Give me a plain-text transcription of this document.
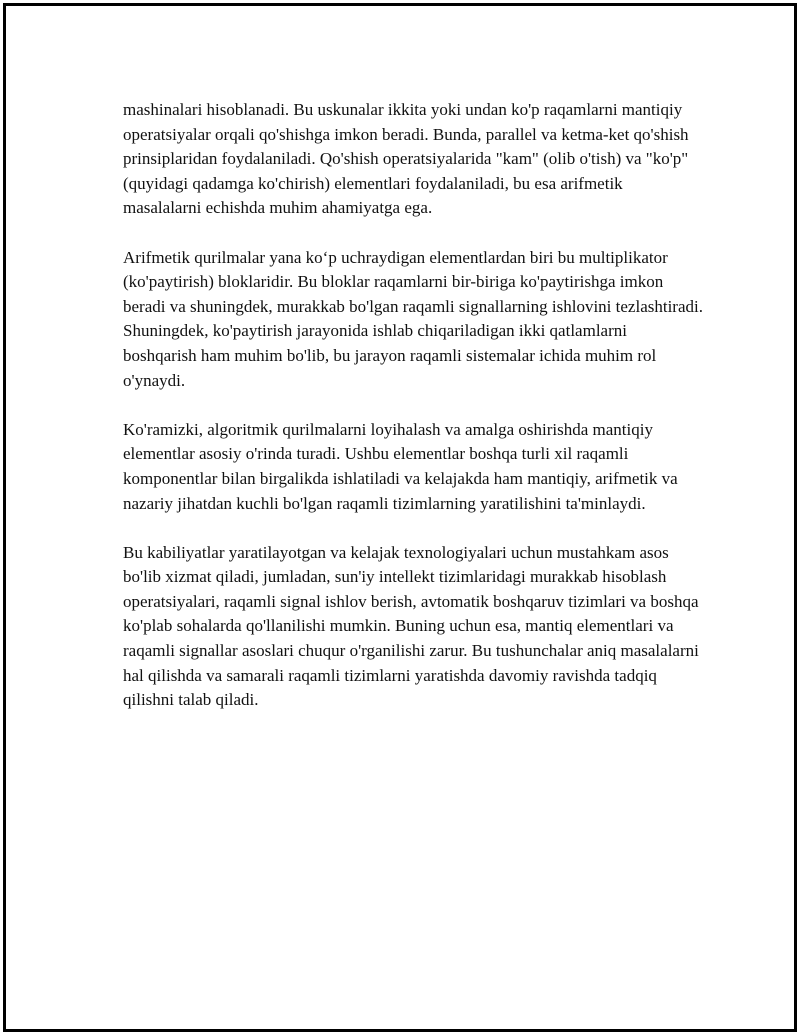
mashinalari hisoblanadi. Bu uskunalar ikkita yoki undan ko'p raqamlarni mantiqiy operatsiyalar orqali qo'shishga imkon beradi. Bunda, parallel va ketma-ket qo'shish prinsiplaridan foydalaniladi. Qo'shish operatsiyalarida "kam" (olib o'tish) va "ko'p" (quyidagi qadamga ko'chirish) elementlari foydalaniladi, bu esa arifmetik masalalarni echishda muhim ahamiyatga ega.

Arifmetik qurilmalar yana ko‘p uchraydigan elementlardan biri bu multiplikator (ko'paytirish) bloklaridir. Bu bloklar raqamlarni bir-biriga ko'paytirishga imkon beradi va shuningdek, murakkab bo'lgan raqamli signallarning ishlovini tezlashtiradi. Shuningdek, ko'paytirish jarayonida ishlab chiqariladigan ikki qatlamlarni boshqarish ham muhim bo'lib, bu jarayon raqamli sistemalar ichida muhim rol o'ynaydi.

Ko'ramizki, algoritmik qurilmalarni loyihalash va amalga oshirishda mantiqiy elementlar asosiy o'rinda turadi. Ushbu elementlar boshqa turli xil raqamli komponentlar bilan birgalikda ishlatiladi va kelajakda ham mantiqiy, arifmetik va nazariy jihatdan kuchli bo'lgan raqamli tizimlarning yaratilishini ta'minlaydi.

Bu kabiliyatlar yaratilayotgan va kelajak texnologiyalari uchun mustahkam asos bo'lib xizmat qiladi, jumladan, sun'iy intellekt tizimlaridagi murakkab hisoblash operatsiyalari, raqamli signal ishlov berish, avtomatik boshqaruv tizimlari va boshqa ko'plab sohalarda qo'llanilishi mumkin. Buning uchun esa, mantiq elementlari va raqamli signallar asoslari chuqur o'rganilishi zarur. Bu tushunchalar aniq masalalarni hal qilishda va samarali raqamli tizimlarni yaratishda davomiy ravishda tadqiq qilishni talab qiladi.
